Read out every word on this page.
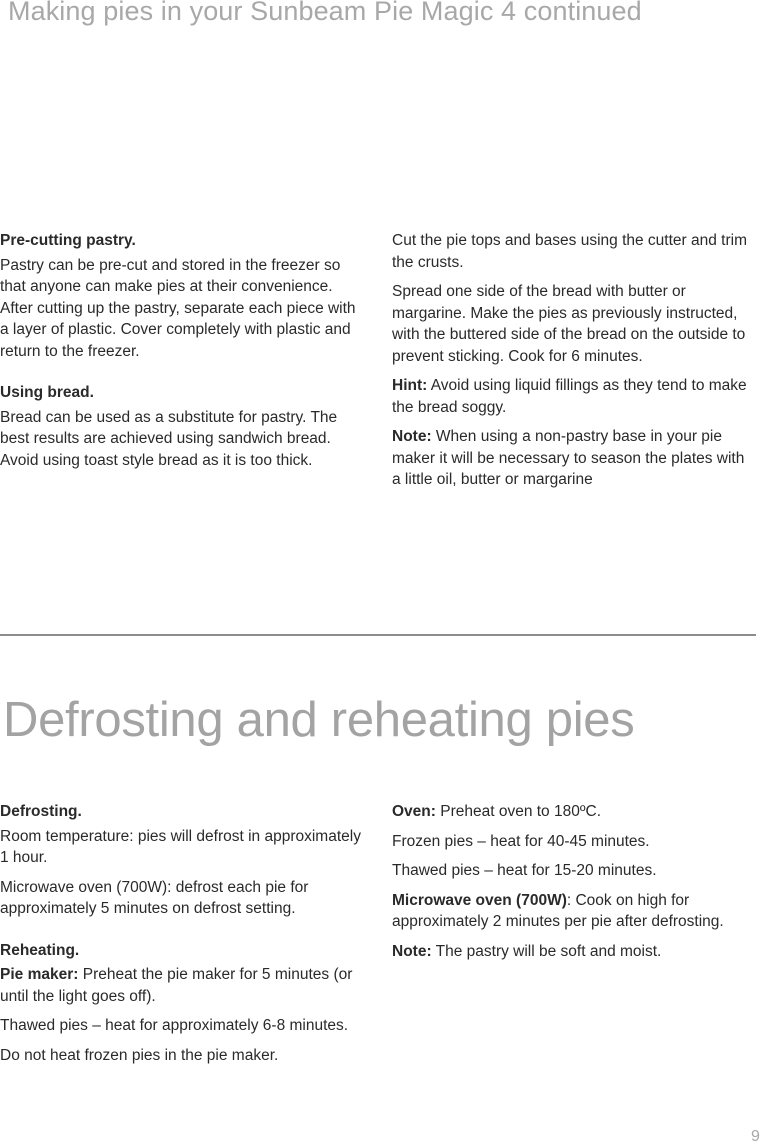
Making pies in your Sunbeam Pie Magic 4 continued
Pre-cutting pastry.

Pastry can be pre-cut and stored in the freezer so that anyone can make pies at their convenience. After cutting up the pastry, separate each piece with a layer of plastic. Cover completely with plastic and return to the freezer.

Using bread.

Bread can be used as a substitute for pastry. The best results are achieved using sandwich bread. Avoid using toast style bread as it is too thick.

Cut the pie tops and bases using the cutter and trim the crusts.

Spread one side of the bread with butter or margarine. Make the pies as previously instructed, with the buttered side of the bread on the outside to prevent sticking. Cook for 6 minutes.

Hint: Avoid using liquid fillings as they tend to make the bread soggy.

Note: When using a non-pastry base in your pie maker it will be necessary to season the plates with a little oil, butter or margarine

Defrosting and reheating pies
Defrosting.

Room temperature: pies will defrost in approximately 1 hour.

Microwave oven (700W): defrost each pie for approximately 5 minutes on defrost setting.

Reheating.

Pie maker: Preheat the pie maker for 5 minutes (or until the light goes off).

Thawed pies – heat for approximately 6-8 minutes.

Do not heat frozen pies in the pie maker.

Oven: Preheat oven to 180ºC.

Frozen pies – heat for 40-45 minutes.

Thawed pies – heat for 15-20 minutes.

Microwave oven (700W): Cook on high for approximately 2 minutes per pie after defrosting.

Note: The pastry will be soft and moist.

9
